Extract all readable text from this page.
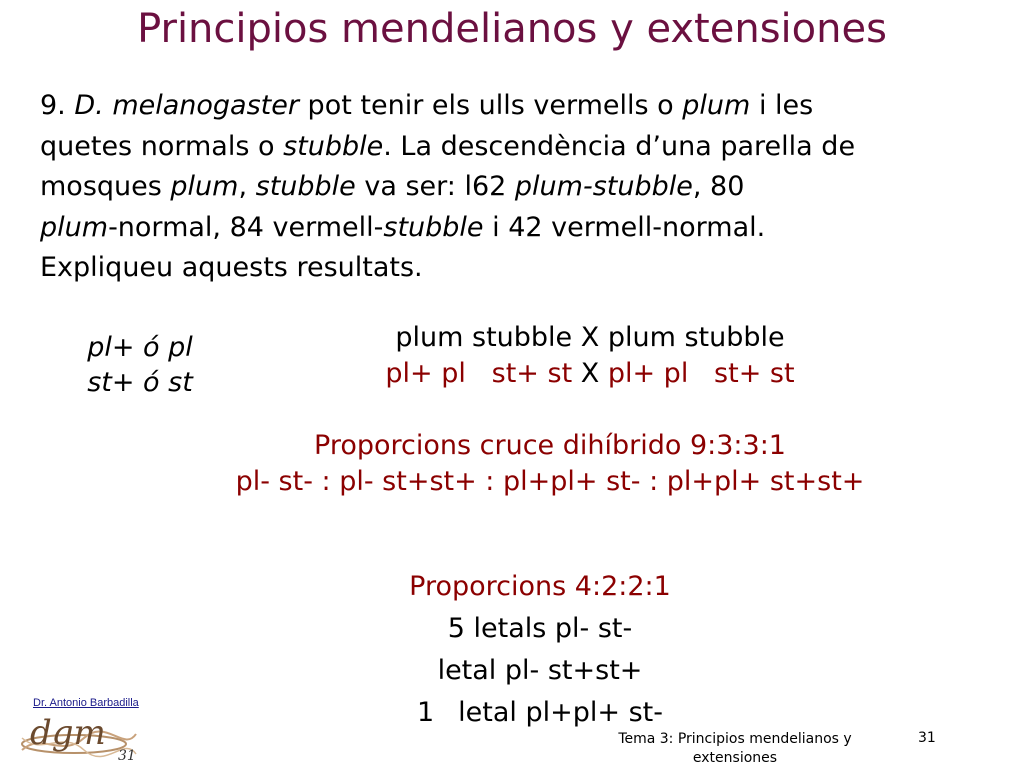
Principios mendelianos y extensiones
9. D. melanogaster pot tenir els ulls vermells o plum i les
quetes normals o stubble. La descendència d’una parella de
mosques plum, stubble va ser: l62 plum-stubble, 80
plum-normal, 84 vermell-stubble i 42 vermell-normal.
Expliqueu aquests resultats.
pl+ ó pl
st+ ó st
plum stubble X plum stubble
pl+ pl   st+ st X pl+ pl   st+ st
Proporcions cruce dihíbrido 9:3:3:1
pl- st- : pl- st+st+ : pl+pl+ st- : pl+pl+ st+st+
Proporcions 4:2:2:1
5 letals pl- st-
letal pl- st+st+
1 letal pl+pl+ st-
Dr. Antonio Barbadilla
dgm
31
Tema 3: Principios mendelianos y extensiones
31
